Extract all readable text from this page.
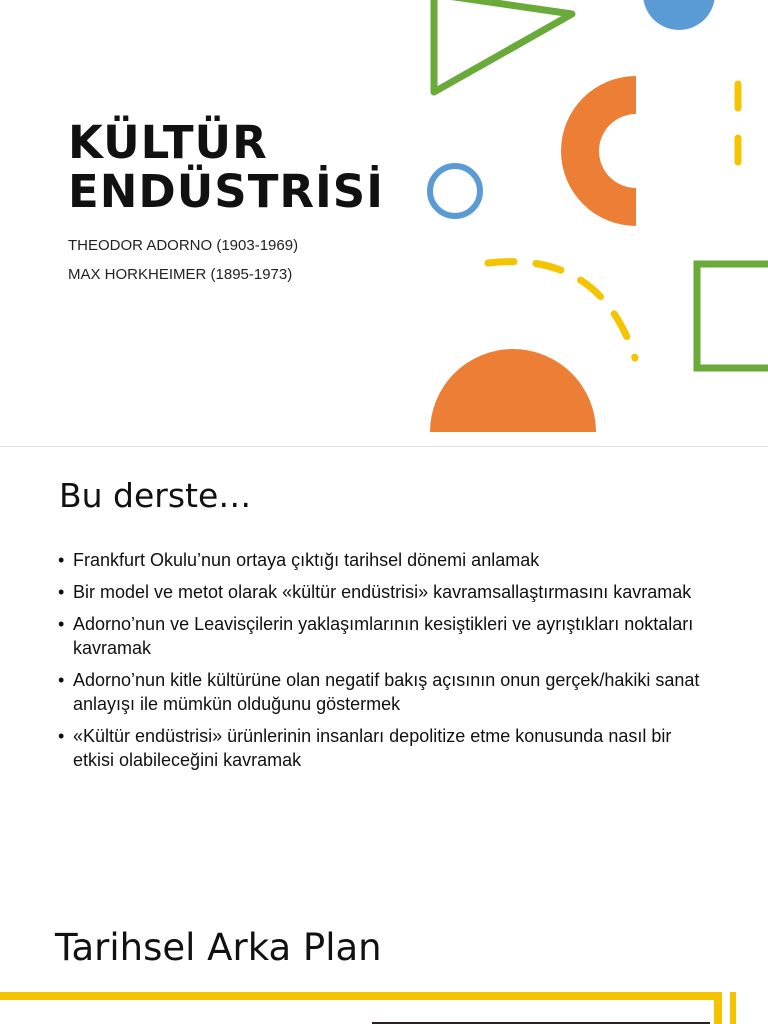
KÜLTÜR
ENDÜSTRİSİ
THEODOR ADORNO (1903-1969)
MAX HORKHEIMER (1895-1973)
Bu derste…
• Frankfurt Okulu’nun ortaya çıktığı tarihsel dönemi anlamak
• Bir model ve metot olarak «kültür endüstrisi» kavramsallaştırmasını kavramak
• Adorno’nun ve Leavisçilerin yaklaşımlarının kesiştikleri ve ayrıştıkları noktaları kavramak
• Adorno’nun kitle kültürüne olan negatif bakış açısının onun gerçek/hakiki sanat anlayışı ile mümkün olduğunu göstermek
• «Kültür endüstrisi» ürünlerinin insanları depolitize etme konusunda nasıl bir etkisi olabileceğini kavramak
Tarihsel Arka Plan
